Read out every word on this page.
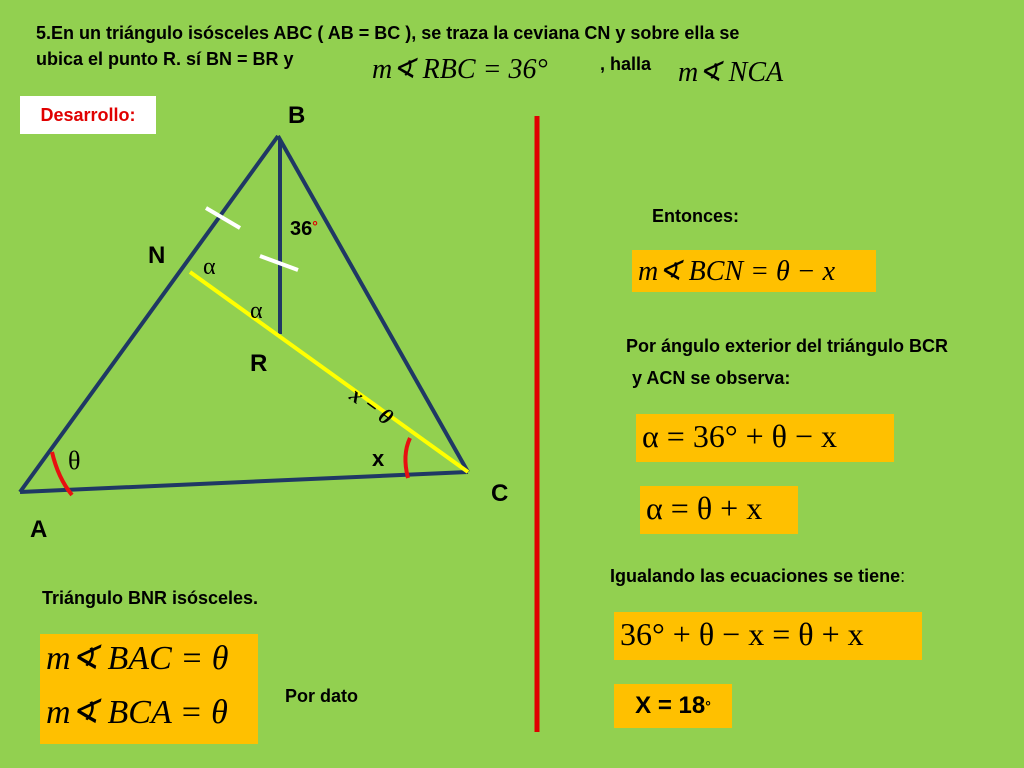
5.En un triángulo isósceles ABC ( AB = BC ), se traza la ceviana CN y sobre ella se
ubica el punto R. sí BN = BR y	m∢ RBC = 36°	, halla m∢ NCA
Desarrollo:	B
N
R
A
C
36°
α
α
θ	x
x − θ
Triángulo BNR isósceles.
m∢ BAC = θ
m∢ BCA = θ	Por dato
Entonces:
m∢ BCN = θ − x
Por ángulo exterior del triángulo BCR
y ACN se observa:
α = 36° + θ − x
α = θ + x
Igualando las ecuaciones se tiene:
36° + θ − x = θ + x
X = 18°
